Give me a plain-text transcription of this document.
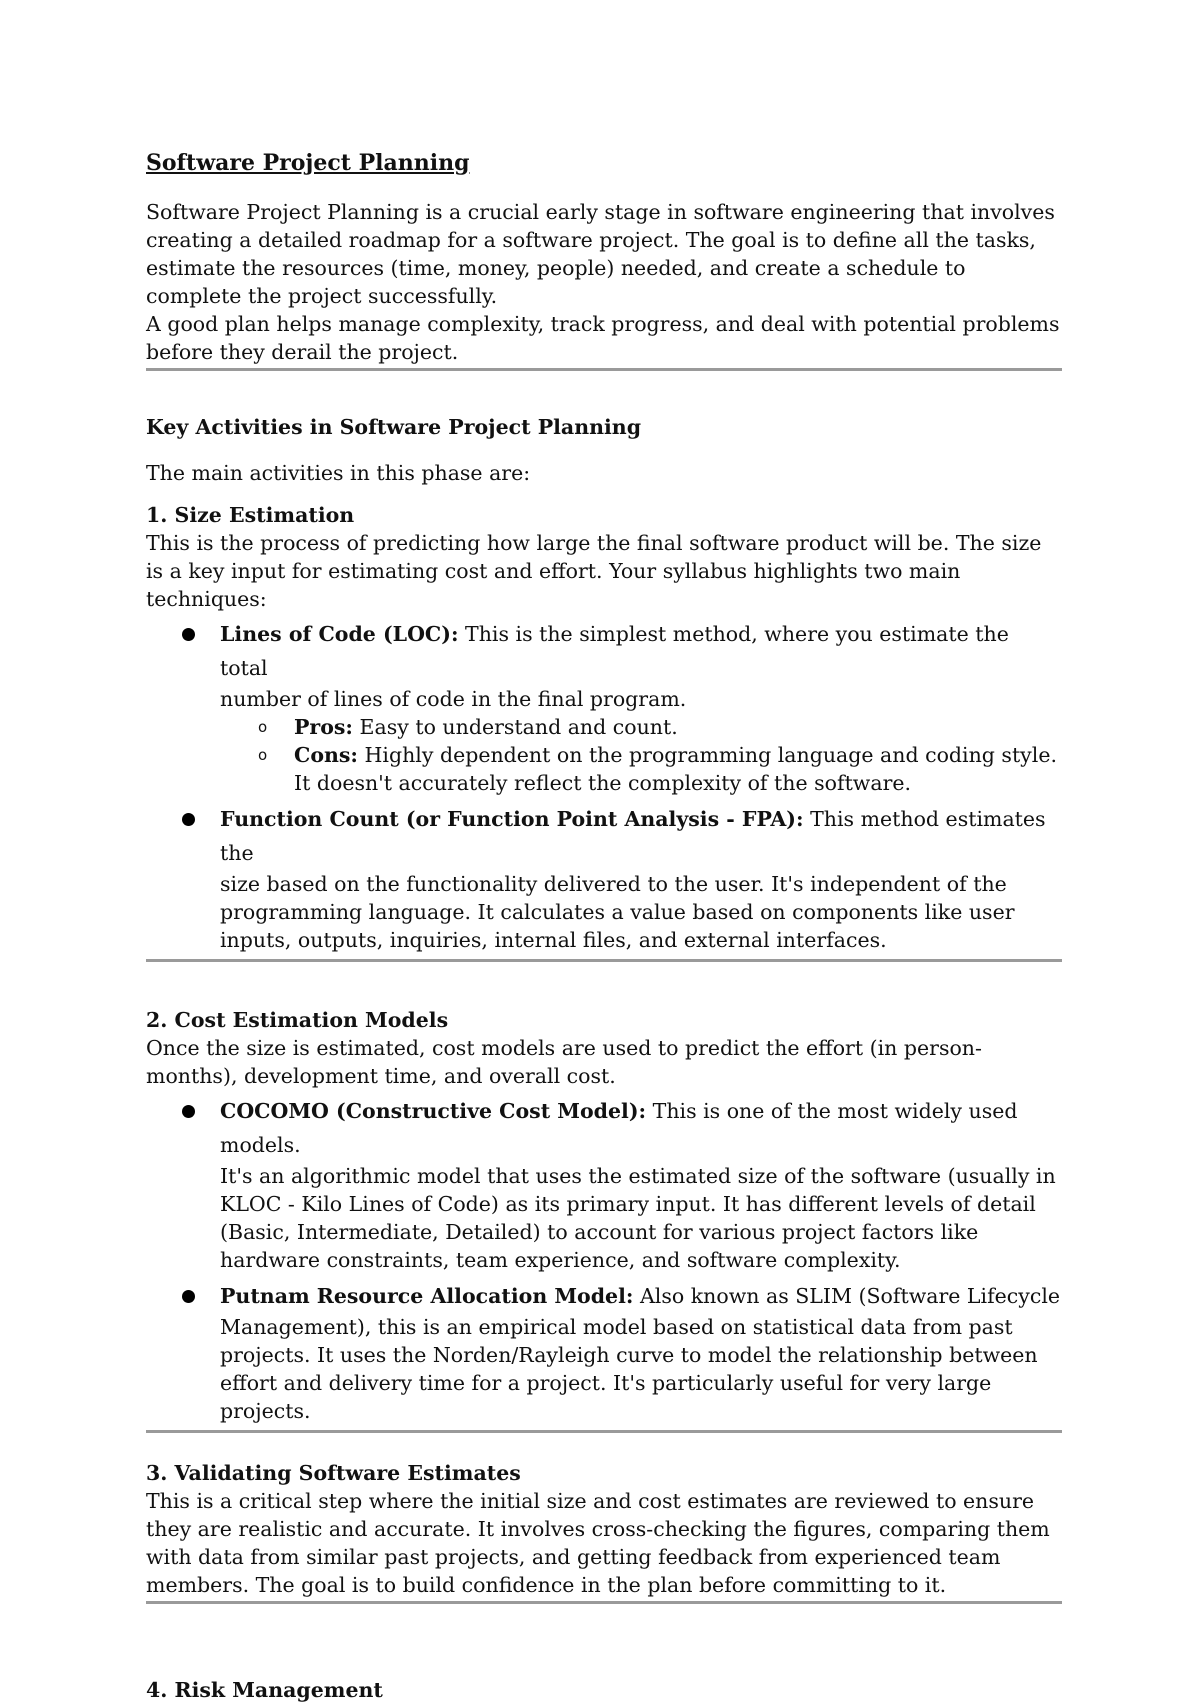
Software Project Planning

Software Project Planning is a crucial early stage in software engineering that involves creating a detailed roadmap for a software project. The goal is to define all the tasks, estimate the resources (time, money, people) needed, and create a schedule to complete the project successfully.

A good plan helps manage complexity, track progress, and deal with potential problems before they derail the project.

Key Activities in Software Project Planning

The main activities in this phase are:

1. Size Estimation

This is the process of predicting how large the final software product will be. The size is a key input for estimating cost and effort. Your syllabus highlights two main techniques:

Lines of Code (LOC): This is the simplest method, where you estimate the total
number of lines of code in the final program.
o Pros: Easy to understand and count.
o Cons: Highly dependent on the programming language and coding style. It doesn't accurately reflect the complexity of the software.
Function Count (or Function Point Analysis - FPA): This method estimates the
size based on the functionality delivered to the user. It's independent of the programming language. It calculates a value based on components like user inputs, outputs, inquiries, internal files, and external interfaces.

2. Cost Estimation Models

Once the size is estimated, cost models are used to predict the effort (in person-months), development time, and overall cost.

COCOMO (Constructive Cost Model): This is one of the most widely used models.
It's an algorithmic model that uses the estimated size of the software (usually in KLOC - Kilo Lines of Code) as its primary input. It has different levels of detail (Basic, Intermediate, Detailed) to account for various project factors like hardware constraints, team experience, and software complexity.
Putnam Resource Allocation Model: Also known as SLIM (Software Lifecycle
Management), this is an empirical model based on statistical data from past projects. It uses the Norden/Rayleigh curve to model the relationship between effort and delivery time for a project. It's particularly useful for very large projects.

3. Validating Software Estimates

This is a critical step where the initial size and cost estimates are reviewed to ensure they are realistic and accurate. It involves cross-checking the figures, comparing them with data from similar past projects, and getting feedback from experienced team members. The goal is to build confidence in the plan before committing to it.

4. Risk Management
